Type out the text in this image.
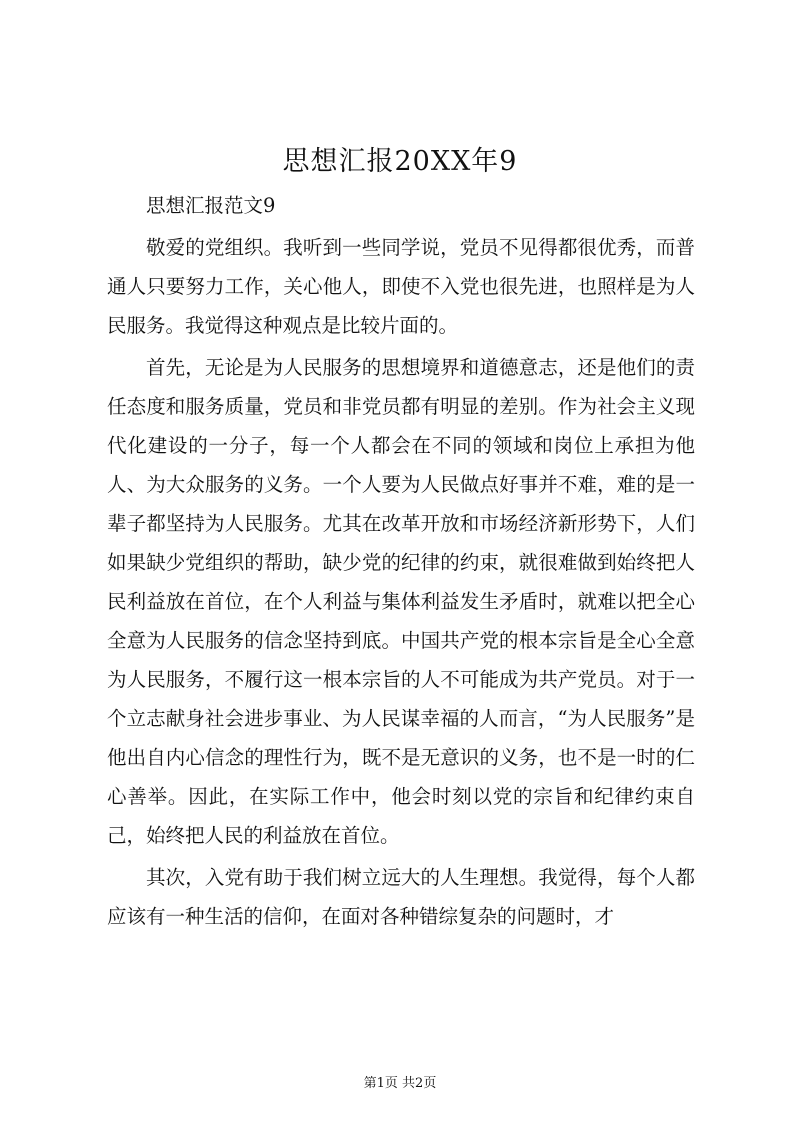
思想汇报20XX年9

思想汇报范文9

敬爱的党组织。我听到一些同学说，党员不见得都很优秀，而普通人只要努力工作，关心他人，即使不入党也很先进，也照样是为人民服务。我觉得这种观点是比较片面的。

首先，无论是为人民服务的思想境界和道德意志，还是他们的责任态度和服务质量，党员和非党员都有明显的差别。作为社会主义现代化建设的一分子，每一个人都会在不同的领域和岗位上承担为他人、为大众服务的义务。一个人要为人民做点好事并不难，难的是一辈子都坚持为人民服务。尤其在改革开放和市场经济新形势下，人们如果缺少党组织的帮助，缺少党的纪律的约束，就很难做到始终把人民利益放在首位，在个人利益与集体利益发生矛盾时，就难以把全心全意为人民服务的信念坚持到底。中国共产党的根本宗旨是全心全意为人民服务，不履行这一根本宗旨的人不可能成为共产党员。对于一个立志献身社会进步事业、为人民谋幸福的人而言，“为人民服务”是他出自内心信念的理性行为，既不是无意识的义务，也不是一时的仁心善举。因此，在实际工作中，他会时刻以党的宗旨和纪律约束自己，始终把人民的利益放在首位。

其次，入党有助于我们树立远大的人生理想。我觉得，每个人都应该有一种生活的信仰，在面对各种错综复杂的问题时，才

第1页 共2页
